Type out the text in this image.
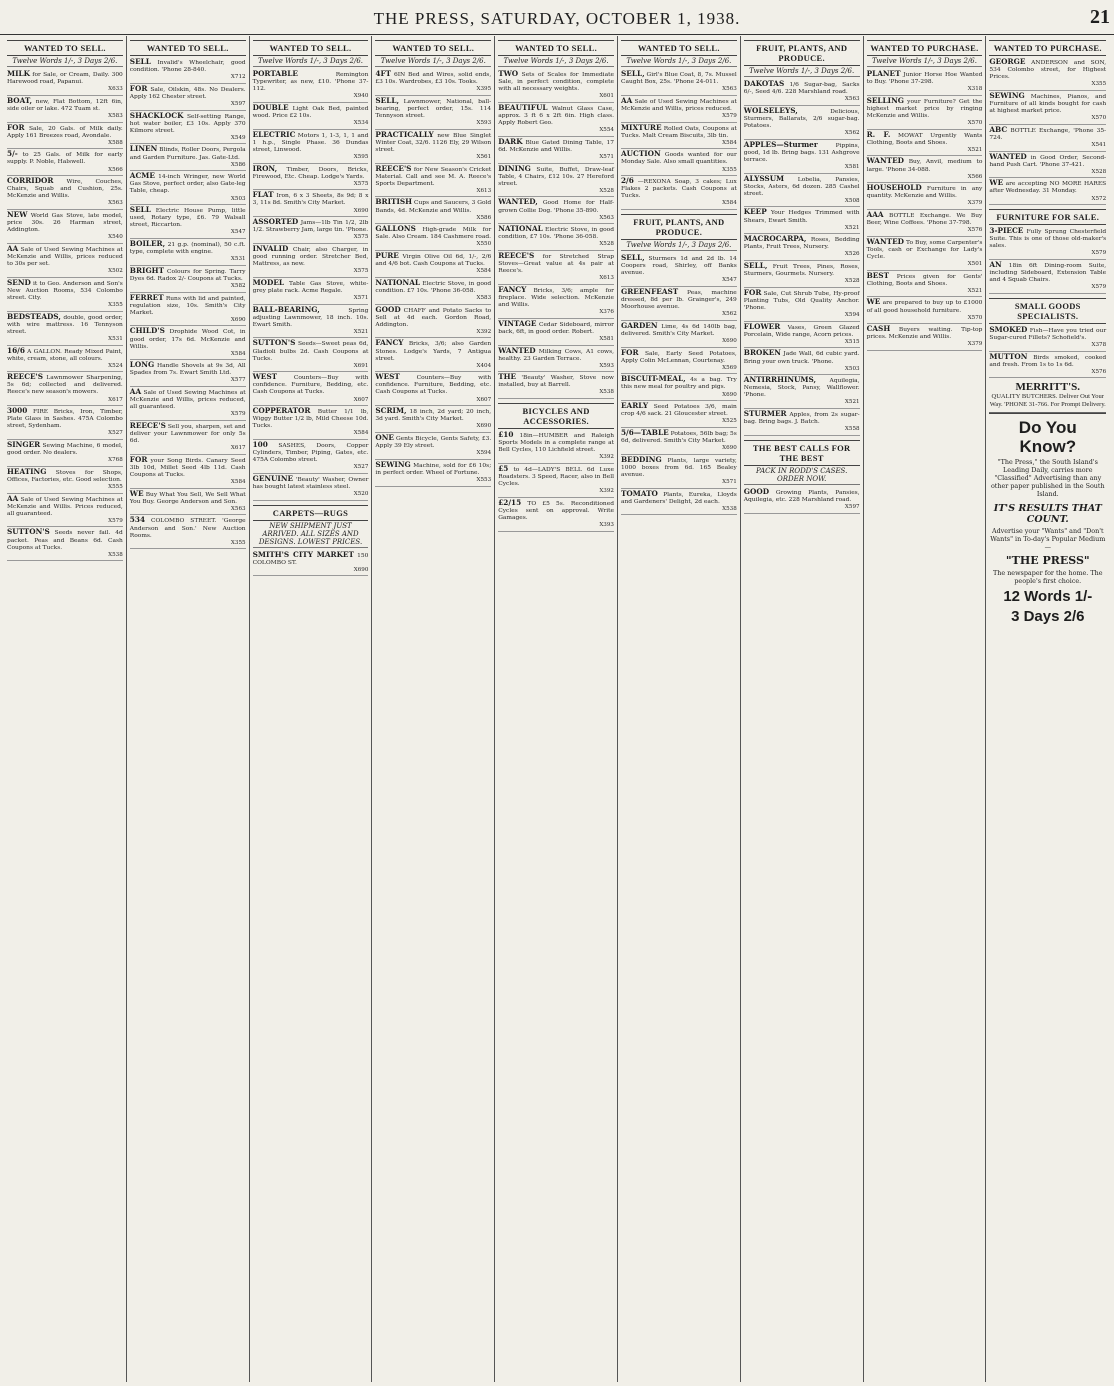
THE PRESS, SATURDAY, OCTOBER 1, 1938.	21
WANTED TO SELL.
Twelve Words 1/-, 3 Days 2/6.

MILK for Sale, or Cream, Daily. 300 Harewood road, Papanui.
X633

BOAT, new, Flat Bottom, 12ft 6in, side oiler or lake. 472 Tuam st.
X583

FOR Sale, 20 Gals. of Milk daily. Apply 161 Breezes road, Avondale.
X588

5/- to 25 Gals. of Milk for early supply. P. Noble, Halswell.
X566

CORRIDOR Wire, Couches, Chairs, Squab and Cushion, 25s. McKenzie and Willis.
X563

NEW World Gas Stove, late model, price 30s. 26 Harman street, Addington.
X540

AA Sale of Used Sewing Machines at McKenzie and Willis, prices reduced to 30s per set.
X502

SEND it to Geo. Anderson and Son's New Auction Rooms, 534 Colombo street. City.
X355

BEDSTEADS, double, good order, with wire mattress. 16 Tennyson street.
X531

16/6 A GALLON. Ready Mixed Paint, white, cream, stone, all colours.
X524

REECE'S Lawnmower Sharpening, 5s 6d; collected and delivered. Reece's new season's mowers.
X617

3000 FIRE Bricks, Iron, Timber, Plate Glass in Sashes. 475A Colombo street, Sydenham.
X527

SINGER Sewing Machine, 6 model, good order. No dealers.
X768

HEATING Stoves for Shops, Offices, Factories, etc. Good selection.
X555

AA Sale of Used Sewing Machines at McKenzie and Willis. Prices reduced, all guaranteed.
X579

SUTTON'S Seeds never fail. 4d packet. Peas and Beans 6d. Cash Coupons at Tucks.
X538

WANTED TO SELL.

SELL Invalid's Wheelchair, good condition. 'Phone 28-840.
X712

FOR Sale, Oilskin, 48s. No Dealers. Apply 162 Chester street.
X597

SHACKLOCK Self-setting Range, hot water boiler, £3 10s. Apply 370 Kilmore street.
X549

LINEN Blinds, Roller Doors, Pergola and Garden Furniture. Jas. Gate-Ltd.
X586

ACME 14-inch Wringer, new World Gas Stove, perfect order, also Gate-leg Table, cheap.
X503

SELL Electric House Pump, little used, Rotary type, £6. 79 Walsall street, Riccarton.
X547

BOILER, 21 g.p. (nominal), 50 c.ft. type, complete with engine.
X531

BRIGHT Colours for Spring. Tarry Dyes 6d. Radox 2/- Coupons at Tucks.
X582

FERRET Runs with lid and painted, regulation size, 10s. Smith's City Market.
X690

CHILD'S Drophide Wood Cot, in good order, 17s 6d. McKenzie and Willis.
X584

LONG Handle Shovels at 9s 3d, All Spades from 7s. Ewart Smith Ltd.
X577

AA Sale of Used Sewing Machines at McKenzie and Willis, prices reduced, all guaranteed.
X579

REECE'S Sell you, sharpen, set and deliver your Lawnmower for only 5s 6d.
X617

FOR your Song Birds. Canary Seed 3lb 10d, Millet Seed 4lb 11d. Cash Coupons at Tucks.
X584

WE Buy What You Sell, We Sell What You Buy. George Anderson and Son.
X563

534 COLOMBO STREET. 'George Anderson and Son.' New Auction Rooms.
X355

WANTED TO SELL.
Twelve Words 1/-, 3 Days 2/6.

PORTABLE	Remington Typewriter, as new, £10. 'Phone 37-112.
X940

DOUBLE Light Oak Bed, painted wood. Price £2 10s.
X534

ELECTRIC Motors 1, 1-3, 1, 1 and 1 h.p., Single Phase. 36 Dundas street, Linwood.
X595

IRON, Timber, Doors, Bricks, Firewood, Etc. Cheap. Lodge's Yards.
X575

FLAT Iron, 6 x 3 Sheets, 8s 9d; 8 x 3, 11s 8d. Smith's City Market.
X690

ASSORTED Jams—1lb Tin 1/2, 2lb 1/2. Strawberry Jam, large tin. 'Phone.
X575

INVALID Chair, also Charger, in good running order. Stretcher Bed, Mattress, as new.
X575

MODEL Table Gas Stove, white-grey plate rack. Acme Regale.
X571

BALL-BEARING,	Spring adjusting Lawnmower, 18 inch. 10s. Ewart Smith.
X521

SUTTON'S Seeds—Sweet peas 6d, Gladioli bulbs 2d. Cash Coupons at Tucks.
X691

WEST	Counters—Buy with confidence. Furniture, Bedding, etc. Cash Coupons at Tucks.
X607

COPPERATOR Butter 1/1 lb, Wiggy Butter 1/2 lb, Mild Cheese 10d. Tucks.
X584

100 SASHES, Doors, Copper Cylinders, Timber, Piping, Gates, etc. 475A Colombo street.
X527

GENUINE 'Beauty' Washer, Owner has bought latest stainless steel.
X520

CARPETS—RUGS
NEW SHIPMENT JUST ARRIVED. ALL SIZES AND DESIGNS. LOWEST PRICES.

SMITH'S CITY MARKET 150 COLOMBO ST.
X690

WANTED TO SELL.
Twelve Words 1/-, 3 Days 2/6.

4FT 6IN Bed and Wires, solid ends, £3 10s. Wardrobes, £3 10s. Tooks.
X395

SELL, Lawnmower, National, ball-bearing, perfect order, 15s. 114 Tennyson street.
X593

PRACTICALLY new Blue Singlet Winter Coat, 32/6. 1126 Ely, 29 Wilson street.
X561

REECE'S for New Season's Cricket Material. Call and see M. A. Reece's Sports Department.
X613

BRITISH Cups and Saucers, 3 Gold Bands, 4d. McKenzie and Willis.
X586

GALLONS High-grade Milk for Sale. Also Cream. 184 Cashmere road.
X550

PURE Virgin Olive Oil 6d, 1/-, 2/6 and 4/6 bot. Cash Coupons at Tucks.
X584

NATIONAL Electric Stove, in good condition. £7 10s. 'Phone 36-058.
X583

GOOD CHAFF and Potato Sacks to Sell at 4d each. Gordon Road, Addington.
X392

FANCY Bricks, 3/6; also Garden Stones. Lodge's Yards, 7 Antigua street.
X404

WEST	Counters—Buy with confidence. Furniture, Bedding, etc. Cash Coupons at Tucks.
X607

SCRIM, 18 inch, 2d yard; 20 inch, 3d yard. Smith's City Market.
X690

ONE Gents Bicycle, Gents Safety, £3. Apply 39 Ely street.
X594

SEWING Machine, sold for £6 10s; in perfect order. Wheel of Fortune.
X553

WANTED TO SELL.
Twelve Words 1/-, 3 Days 2/6.

TWO Sets of Scales for Immediate Sale, in perfect condition, complete with all necessary weights.
X601

BEAUTIFUL Walnut Glass Case, approx. 3 ft 6 x 2ft 6in. High class. Apply Robert Geo.
X554

DARK Blue Gated Dining Table, 17 6d. McKenzie and Willis.
X571

DINING Suite, Buffet, Draw-leaf Table, 4 Chairs, £12 10s. 27 Hereford street.
X528

WANTED, Good Home for Half-grown Collie Dog. 'Phone 35-890.
X563

NATIONAL Electric Stove, in good condition, £7 10s. 'Phone 36-058.
X528

REECE'S for Stretched Strap Stoves—Great value at 4s pair at Reece's.
X613

FANCY Bricks, 3/6; ample for fireplace. Wide selection. McKenzie and Willis.
X376

VINTAGE Cedar Sideboard, mirror back, 6ft, in good order. Robert.
X581

WANTED Milking Cows, A1 cows, healthy. 23 Garden Terrace.
X593

THE 'Beauty' Washer, Stove now installed, buy at Barrell.
X538

BICYCLES AND ACCESSORIES.

£10 18in—HUMBER and Raleigh Sports Models in a complete range at Bell Cycles, 110 Lichfield street.
X392

£5 to 4d—LADY'S BELL 6d Luxe Roadsters. 3 Speed, Racer, also in Bell Cycles.
X392

£2/15 TO £5 5s. Reconditioned Cycles sent on approval. Write Gamages.
X393

WANTED TO SELL.
Twelve Words 1/-, 3 Days 2/6.

SELL, Girl's Blue Coat, 8, 7s. Mussel Caught Box, 25s. 'Phone 24-011.
X563

AA Sale of Used Sewing Machines at McKenzie and Willis, prices reduced.
X579

MIXTURE Rolled Oats, Coupons at Tucks. Malt Cream Biscuits, 3lb tin.
X584

AUCTION Goods wanted for our Monday Sale. Also small quantities.
X355

2/6 —REXONA Soap, 3 cakes; Lux Flakes 2 packets. Cash Coupons at Tucks.
X584

FRUIT, PLANTS, AND PRODUCE.
Twelve Words 1/-, 3 Days 2/6.

SELL, Sturmers 1d and 2d lb. 14 Coopers road, Shirley, off Banks avenue.
X547

GREENFEAST Peas, machine dressed, 8d per lb. Grainger's, 249 Moorhouse avenue.
X562

GARDEN Lime, 4s 6d 140lb bag, delivered. Smith's City Market.
X690

FOR Sale, Early Seed Potatoes, Apply Colin McLennan, Courtenay.
X569

BISCUIT-MEAL, 4s a bag. Try this new meal for poultry and pigs.
X690

EARLY Seed Potatoes 3/6, main crop 4/6 sack. 21 Gloucester street.
X525

5/6—TABLE Potatoes, 56lb bag; 5s 6d, delivered. Smith's City Market.
X690

BEDDING Plants, large variety, 1000 boxes from 6d. 165 Bealey avenue.
X571

TOMATO Plants, Eureka, Lloyds and Gardeners' Delight, 2d each.
X538

FRUIT, PLANTS, AND PRODUCE.
Twelve Words 1/-, 3 Days 2/6.

DAKOTAS 1/6 Sugar-bag, Sacks 6/-, Seed 4/6. 228 Marshland road.
X563

WOLSELEYS,	Delicious, Sturmers, Ballarats, 2/6 sugar-bag. Potatoes.
X562

APPLES—Sturmer	Pippins, good, 1d lb. Bring bags. 131 Ashgrove terrace.
X581

ALYSSUM Lobelia, Pansies, Stocks, Asters, 6d dozen. 285 Cashel street.
X508

KEEP Your Hedges Trimmed with Shears, Ewart Smith.
X521

MACROCARPA, Roses, Bedding Plants, Fruit Trees, Nursery.
X526

SELL, Fruit Trees, Pines, Roses, Sturmers, Gourmets. Nursery.
X528

FOR Sale, Cut Shrub Tube, Hy-proof Planting Tubs, Old Quality Anchor. 'Phone.
X594

FLOWER Vases, Green Glazed Porcelain, Wide range, Acorn prices.
X515

BROKEN Jade Wall, 6d cubic yard. Bring your own truck. 'Phone.
X503

ANTIRRHINUMS, Aquilegia, Nemesia, Stock, Pansy, Wallflower. 'Phone.
X521

STURMER Apples, from 2s sugar-bag. Bring bags. J. Batch.
X558

THE BEST CALLS FOR THE BEST
PACK IN RODD'S CASES. ORDER NOW.

GOOD Growing Plants, Pansies, Aquilegia, etc. 228 Marshland road.
X597

WANTED TO PURCHASE.
Twelve Words 1/-, 3 Days 2/6.

PLANET Junior Horse Hoe Wanted to Buy. 'Phone 37-298.
X318

SELLING your Furniture? Get the highest market price by ringing McKenzie and Willis.
X570

R. F. MOWAT Urgently Wants Clothing, Boots and Shoes.
X521

WANTED Buy, Anvil, medium to large. 'Phone 34-088.
X566

HOUSEHOLD Furniture in any quantity. McKenzie and Willis.
X379

AAA BOTTLE Exchange. We Buy Beer, Wine Coffees. 'Phone 37-798.
X576

WANTED To Buy, some Carpenter's Tools, cash or Exchange for Lady's Cycle.
X501

BEST Prices given for Gents' Clothing, Boots and Shoes.
X521

WE are prepared to buy up to £1000 of all good household furniture.
X570

CASH Buyers waiting. Tip-top prices. McKenzie and Willis.
X379

WANTED TO PURCHASE.

GEORGE ANDERSON and SON, 534 Colombo street, for Highest Prices.
X355

SEWING Machines, Pianos, and Furniture of all kinds bought for cash at highest market price.
X570

ABC BOTTLE Exchange, 'Phone 35-724.
X541

WANTED in Good Order, Second-hand Push Cart. 'Phone 37-421.
X528

WE are accepting NO MORE HARES after Wednesday. 31 Monday.
X572

FURNITURE FOR SALE.

3-PIECE Fully Sprung Chesterfield Suite. This is one of those old-maker's sales.
X579

AN 18in 6ft Dining-room Suite, including Sideboard, Extension Table and 4 Squab Chairs.
X579

SMALL GOODS SPECIALISTS.

SMOKED Fish—Have you tried our Sugar-cured Fillets? Schofield's.
X378

MUTTON Birds smoked, cooked and fresh. From 1s to 1s 6d.
X576

MERRITT'S.
QUALITY BUTCHERS. Deliver Out Your Way. 'PHONE 31-766. For Prompt Delivery.
Do You Know?
"The Press," the South Island's Leading Daily, carries more "Classified" Advertising than any other paper published in the South Island.
IT'S RESULTS THAT COUNT.
Advertise your "Wants" and "Don't Wants" in To-day's Popular Medium—
"THE PRESS"
The newspaper for the home. The people's first choice.
12 Words 1/-
3 Days 2/6
